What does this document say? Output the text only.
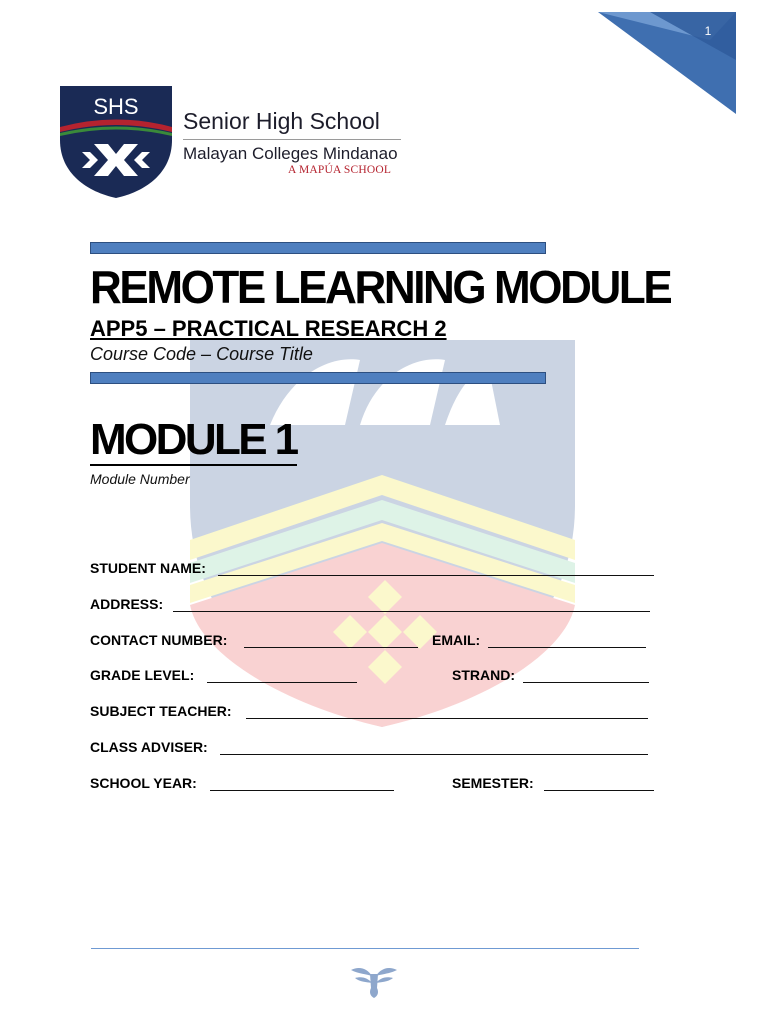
1
SHS
Senior High School
Malayan Colleges Mindanao
A MAPÚA SCHOOL
REMOTE LEARNING MODULE
APP5 – PRACTICAL RESEARCH 2
Course Code – Course Title
MODULE 1
Module Number
STUDENT NAME:
ADDRESS:
CONTACT NUMBER:	EMAIL:
GRADE LEVEL:	STRAND:
SUBJECT TEACHER:
CLASS ADVISER:
SCHOOL YEAR:	SEMESTER:
